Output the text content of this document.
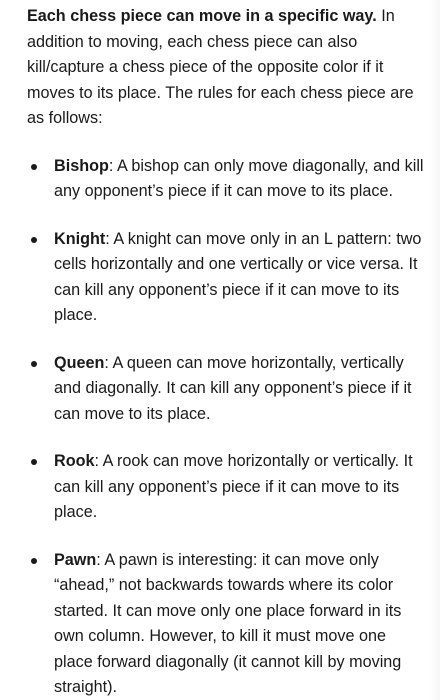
Each chess piece can move in a specific way. In addition to moving, each chess piece can also kill/capture a chess piece of the opposite color if it moves to its place. The rules for each chess piece are as follows:

Bishop: A bishop can only move diagonally, and kill any opponent’s piece if it can move to its place.
Knight: A knight can move only in an L pattern: two cells horizontally and one vertically or vice versa. It can kill any opponent’s piece if it can move to its place.
Queen: A queen can move horizontally, vertically and diagonally. It can kill any opponent’s piece if it can move to its place.
Rook: A rook can move horizontally or vertically. It can kill any opponent’s piece if it can move to its place.
Pawn: A pawn is interesting: it can move only “ahead,” not backwards towards where its color started. It can move only one place forward in its own column. However, to kill it must move one place forward diagonally (it cannot kill by moving straight).
